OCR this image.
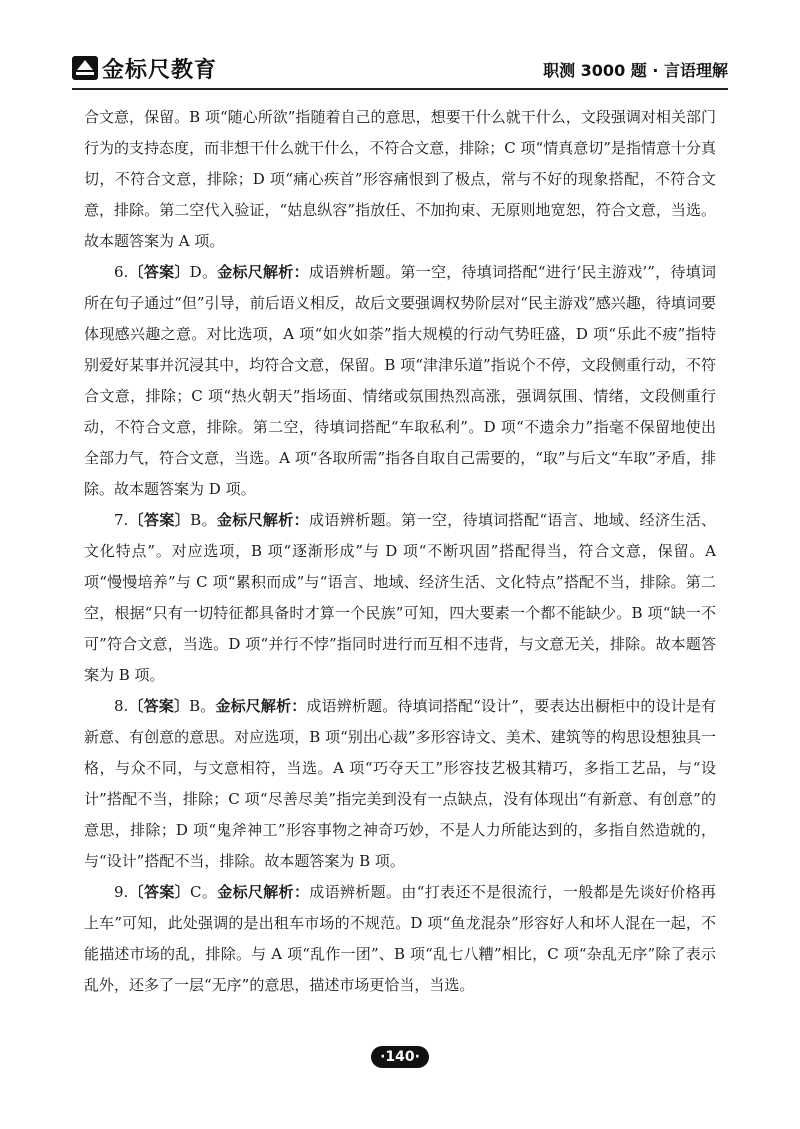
金标尺教育	职测 3000 题 · 言语理解

合文意，保留。B 项“随心所欲”指随着自己的意思，想要干什么就干什么，文段强调对相关部门行为的支持态度，而非想干什么就干什么，不符合文意，排除；C 项“情真意切”是指情意十分真切，不符合文意，排除；D 项“痛心疾首”形容痛恨到了极点，常与不好的现象搭配，不符合文意，排除。第二空代入验证，“姑息纵容”指放任、不加拘束、无原则地宽恕，符合文意，当选。故本题答案为 A 项。

6.〔答案〕D。金标尺解析：成语辨析题。第一空，待填词搭配“进行‘民主游戏’”，待填词所在句子通过“但”引导，前后语义相反，故后文要强调权势阶层对“民主游戏”感兴趣，待填词要体现感兴趣之意。对比选项，A 项“如火如荼”指大规模的行动气势旺盛，D 项“乐此不疲”指特别爱好某事并沉浸其中，均符合文意，保留。B 项“津津乐道”指说个不停，文段侧重行动，不符合文意，排除；C 项“热火朝天”指场面、情绪或氛围热烈高涨，强调氛围、情绪，文段侧重行动，不符合文意，排除。第二空，待填词搭配“车取私利”。D 项“不遗余力”指毫不保留地使出全部力气，符合文意，当选。A 项“各取所需”指各自取自己需要的，“取”与后文“车取”矛盾，排除。故本题答案为 D 项。

7.〔答案〕B。金标尺解析：成语辨析题。第一空，待填词搭配“语言、地域、经济生活、文化特点”。对应选项，B 项“逐渐形成”与 D 项“不断巩固”搭配得当，符合文意，保留。A 项“慢慢培养”与 C 项“累积而成”与“语言、地域、经济生活、文化特点”搭配不当，排除。第二空，根据“只有一切特征都具备时才算一个民族”可知，四大要素一个都不能缺少。B 项“缺一不可”符合文意，当选。D 项“并行不悖”指同时进行而互相不违背，与文意无关，排除。故本题答案为 B 项。

8.〔答案〕B。金标尺解析：成语辨析题。待填词搭配“设计”，要表达出橱柜中的设计是有新意、有创意的意思。对应选项，B 项“别出心裁”多形容诗文、美术、建筑等的构思设想独具一格，与众不同，与文意相符，当选。A 项“巧夺天工”形容技艺极其精巧，多指工艺品，与“设计”搭配不当，排除；C 项“尽善尽美”指完美到没有一点缺点，没有体现出“有新意、有创意”的意思，排除；D 项“鬼斧神工”形容事物之神奇巧妙，不是人力所能达到的，多指自然造就的，与“设计”搭配不当，排除。故本题答案为 B 项。

9.〔答案〕C。金标尺解析：成语辨析题。由“打表还不是很流行，一般都是先谈好价格再上车”可知，此处强调的是出租车市场的不规范。D 项“鱼龙混杂”形容好人和坏人混在一起，不能描述市场的乱，排除。与 A 项“乱作一团”、B 项“乱七八糟”相比，C 项“杂乱无序”除了表示乱外，还多了一层“无序”的意思，描述市场更恰当，当选。

·140·
